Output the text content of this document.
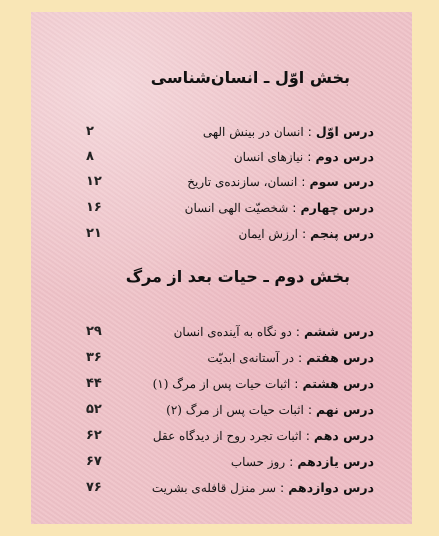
بخش اوّل ـ انسان‌شناسی
۲	درس اوّل : انسان در بینش الهی
۸	درس دوم : نیازهای انسان
۱۲	درس سوم : انسان، سازنده‌ی تاریخ
۱۶	درس چهارم : شخصیّت الهی انسان
۲۱	درس پنجم : ارزش ایمان
بخش دوم ـ حیات بعد از مرگ
۲۹	درس ششم : دو نگاه به آینده‌ی انسان
۳۶	درس هفتم : در آستانه‌ی ابدیّت
۴۴	درس هشتم : اثبات حیات پس از مرگ (۱)
۵۲	درس نهم : اثبات حیات پس از مرگ (۲)
۶۲	درس دهم : اثبات تجرد روح از دیدگاه عقل
۶۷	درس یازدهم : روز حساب
۷۶	درس دوازدهم : سر منزل قافله‌ی بشریت
